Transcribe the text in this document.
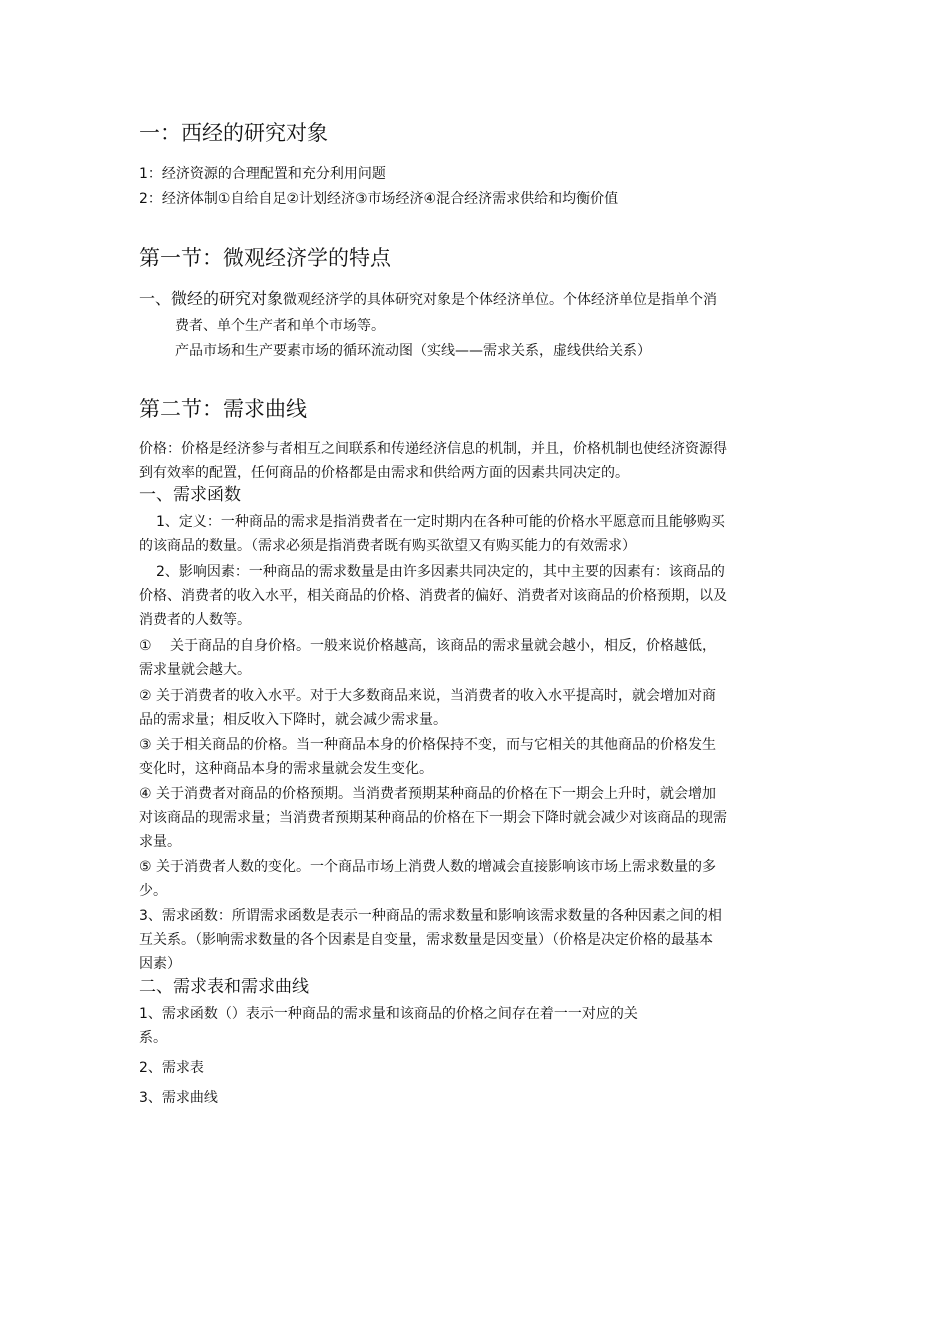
一：西经的研究对象
1：经济资源的合理配置和充分利用问题
2：经济体制①自给自足②计划经济③市场经济④混合经济需求供给和均衡价值
第一节：微观经济学的特点
一、微经的研究对象微观经济学的具体研究对象是个体经济单位。个体经济单位是指单个消
费者、单个生产者和单个市场等。
产品市场和生产要素市场的循环流动图（实线——需求关系，虚线供给关系）
第二节：需求曲线
价格：价格是经济参与者相互之间联系和传递经济信息的机制，并且，价格机制也使经济资源得
到有效率的配置，任何商品的价格都是由需求和供给两方面的因素共同决定的。
一、需求函数
1、定义：一种商品的需求是指消费者在一定时期内在各种可能的价格水平愿意而且能够购买
的该商品的数量。（需求必须是指消费者既有购买欲望又有购买能力的有效需求）
2、影响因素：一种商品的需求数量是由许多因素共同决定的，其中主要的因素有：该商品的
价格、消费者的收入水平，相关商品的价格、消费者的偏好、消费者对该商品的价格预期，以及
消费者的人数等。
①　 关于商品的自身价格。一般来说价格越高，该商品的需求量就会越小，相反，价格越低，
需求量就会越大。
② 关于消费者的收入水平。对于大多数商品来说，当消费者的收入水平提高时，就会增加对商
品的需求量；相反收入下降时，就会减少需求量。
③ 关于相关商品的价格。当一种商品本身的价格保持不变，而与它相关的其他商品的价格发生
变化时，这种商品本身的需求量就会发生变化。
④ 关于消费者对商品的价格预期。当消费者预期某种商品的价格在下一期会上升时，就会增加
对该商品的现需求量；当消费者预期某种商品的价格在下一期会下降时就会减少对该商品的现需
求量。
⑤ 关于消费者人数的变化。一个商品市场上消费人数的增减会直接影响该市场上需求数量的多
少。
3、需求函数：所谓需求函数是表示一种商品的需求数量和影响该需求数量的各种因素之间的相
互关系。（影响需求数量的各个因素是自变量，需求数量是因变量）（价格是决定价格的最基本
因素）
二、需求表和需求曲线
1、需求函数（）表示一种商品的需求量和该商品的价格之间存在着一一对应的关
系。
2、需求表
3、需求曲线
